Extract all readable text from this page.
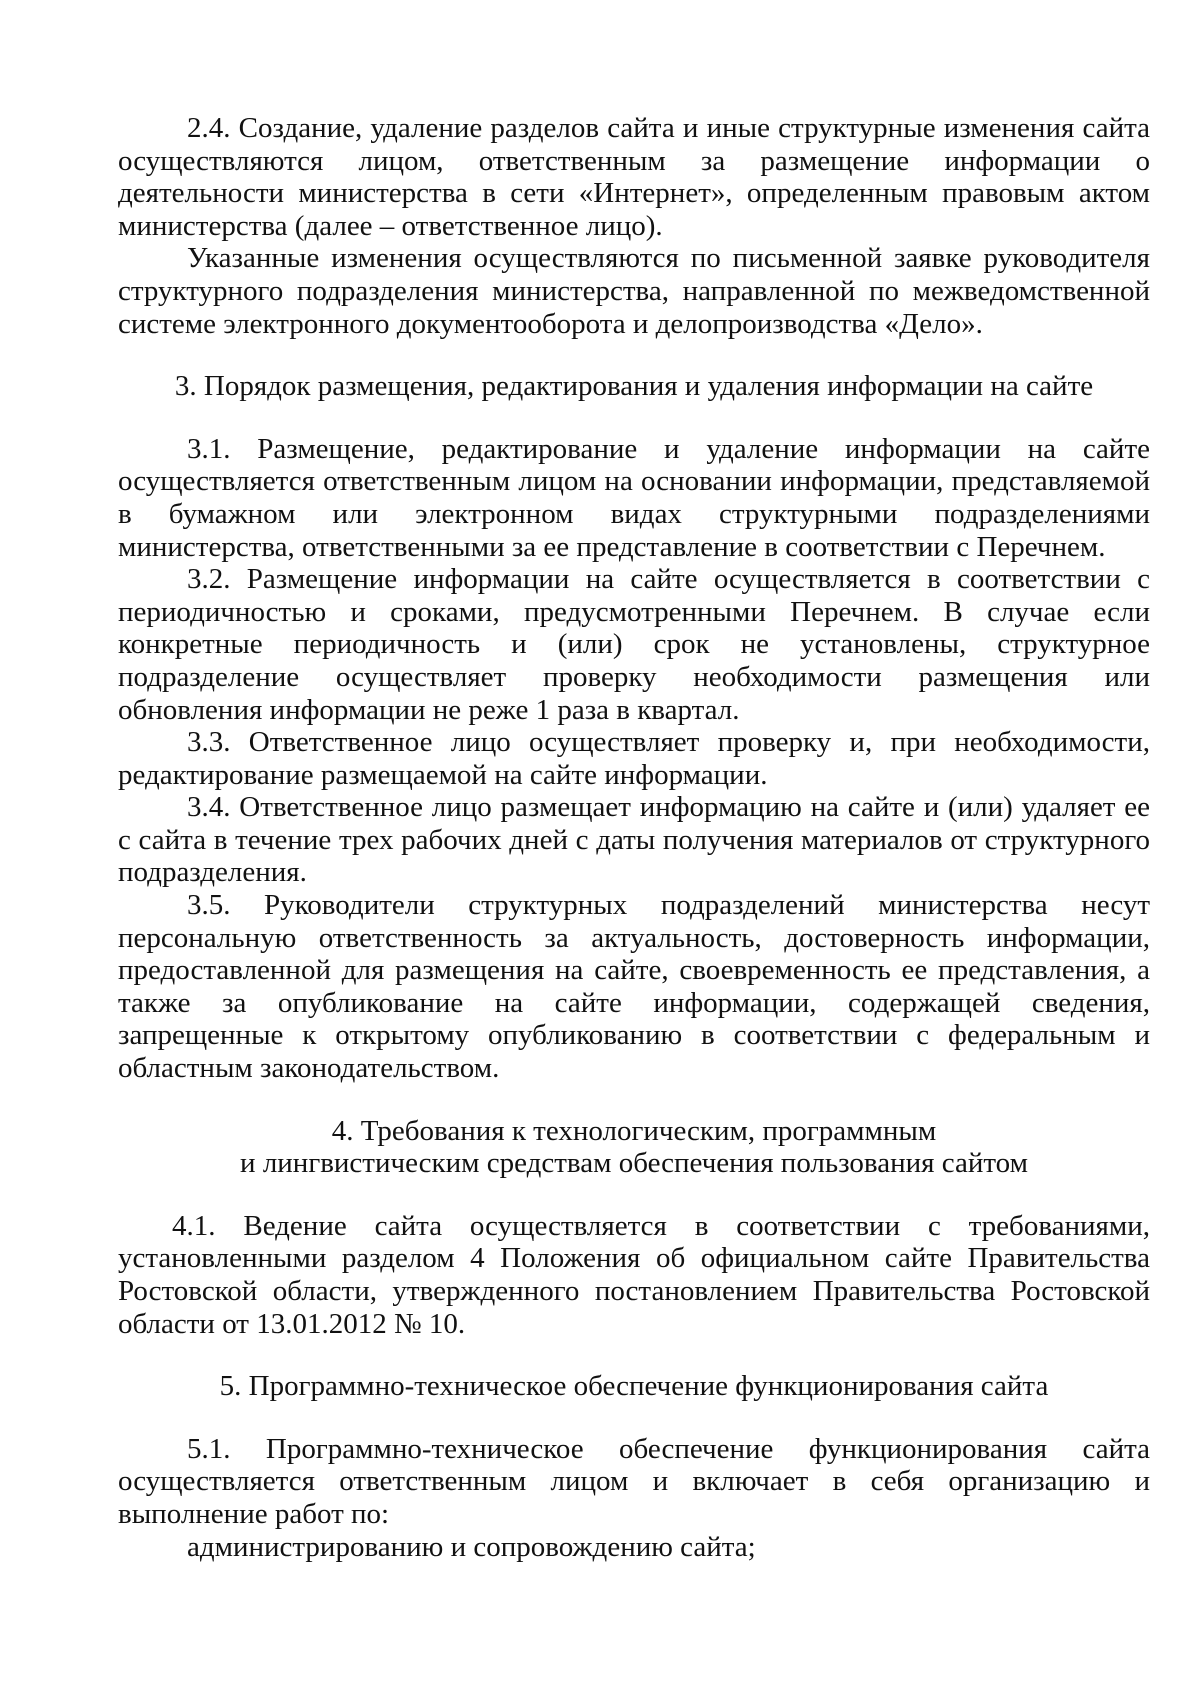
2.4. Создание, удаление разделов сайта и иные структурные изменения сайта осуществляются лицом, ответственным за размещение информации о деятельности министерства в сети «Интернет», определенным правовым актом министерства (далее – ответственное лицо).

Указанные изменения осуществляются по письменной заявке руководителя структурного подразделения министерства, направленной по межведомственной системе электронного документооборота и делопроизводства «Дело».

3. Порядок размещения, редактирования и удаления информации на сайте

3.1. Размещение, редактирование и удаление информации на сайте осуществляется ответственным лицом на основании информации, представляемой в бумажном или электронном видах структурными подразделениями министерства, ответственными за ее представление в соответствии с Перечнем.

3.2. Размещение информации на сайте осуществляется в соответствии с периодичностью и сроками, предусмотренными Перечнем. В случае если конкретные периодичность и (или) срок не установлены, структурное подразделение осуществляет проверку необходимости размещения или обновления информации не реже 1 раза в квартал.

3.3. Ответственное лицо осуществляет проверку и, при необходимости, редактирование размещаемой на сайте информации.

3.4. Ответственное лицо размещает информацию на сайте и (или) удаляет ее с сайта в течение трех рабочих дней с даты получения материалов от структурного подразделения.

3.5. Руководители структурных подразделений министерства несут персональную ответственность за актуальность, достоверность информации, предоставленной для размещения на сайте, своевременность ее представления, а также за опубликование на сайте информации, содержащей сведения, запрещенные к открытому опубликованию в соответствии с федеральным и областным законодательством.

4. Требования к технологическим, программным
и лингвистическим средствам обеспечения пользования сайтом

4.1. Ведение сайта осуществляется в соответствии с требованиями, установленными разделом 4 Положения об официальном сайте Правительства Ростовской области, утвержденного постановлением Правительства Ростовской области от 13.01.2012 № 10.

5. Программно-техническое обеспечение функционирования сайта

5.1. Программно-техническое обеспечение функционирования сайта осуществляется ответственным лицом и включает в себя организацию и выполнение работ по:

администрированию и сопровождению сайта;
